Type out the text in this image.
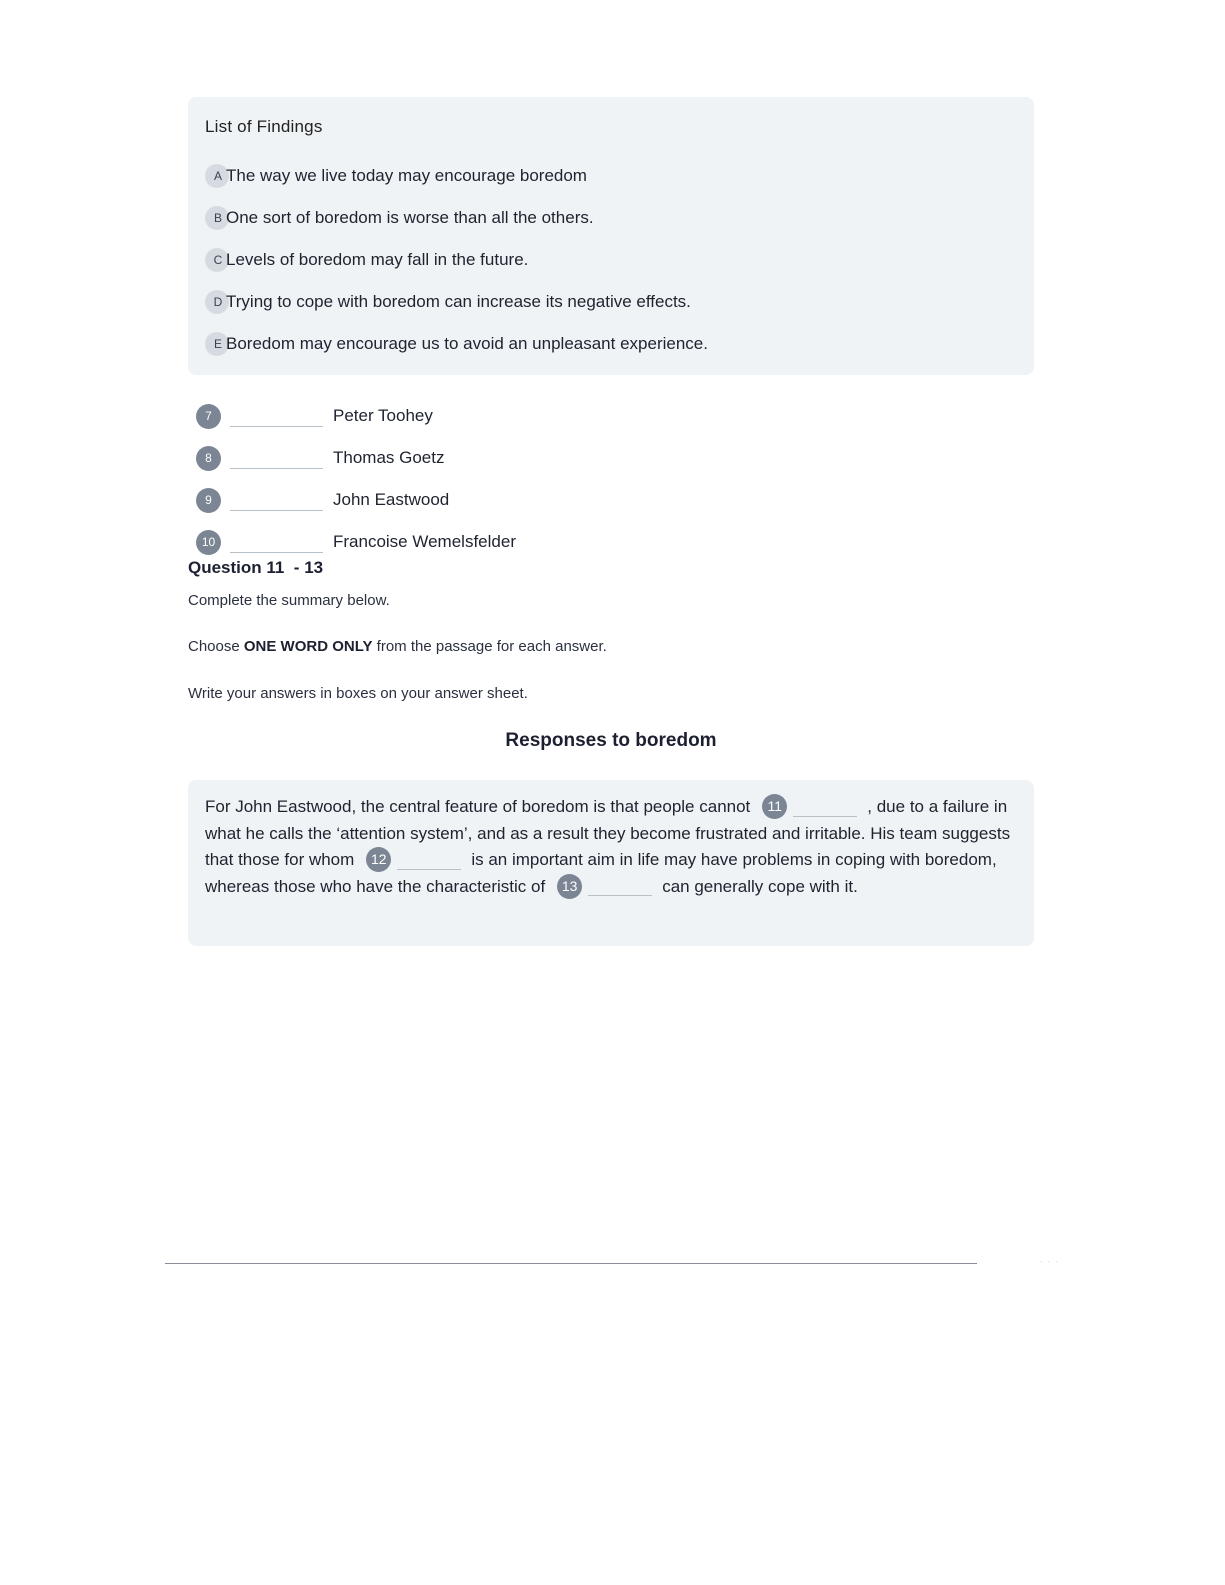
List of Findings
A The way we live today may encourage boredom
B One sort of boredom is worse than all the others.
C Levels of boredom may fall in the future.
D Trying to cope with boredom can increase its negative effects.
E Boredom may encourage us to avoid an unpleasant experience.
7	Peter Toohey
8	Thomas Goetz
9	John Eastwood
10	Francoise Wemelsfelder
Question 11  - 13
Complete the summary below.
Choose ONE WORD ONLY from the passage for each answer.
Write your answers in boxes on your answer sheet.
Responses to boredom
For John Eastwood, the central feature of boredom is that people cannot 11	, due to a failure in what he calls the ‘attention system’, and as a result they become frustrated and irritable. His team suggests that those for whom 12	is an important aim in life may have problems in coping with boredom, whereas those who have the characteristic of 13	can generally cope with it.
· · ·
